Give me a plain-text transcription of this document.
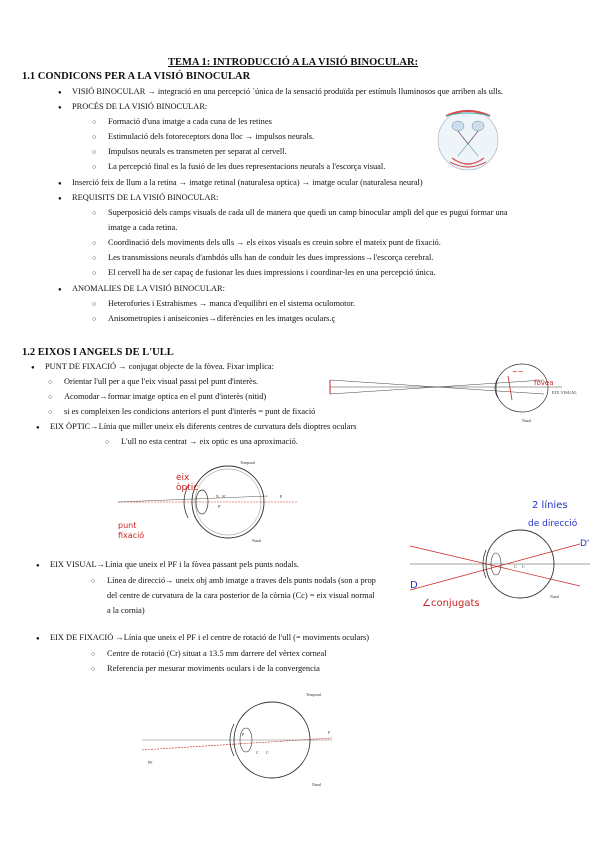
TEMA 1: INTRODUCCIÓ A LA VISIÓ BINOCULAR:
1.1 CONDICONS PER A LA VISIÓ BINOCULAR
● VISIÓ BINOCULAR → integració en una percepció ´única de la sensació produïda per estímuls lluminosos que arriben als ulls.
● PROCÉS DE LA VISIÓ BINOCULAR:
○ Formació d'una imatge a cada cuna de les retines
○ Estimulació dels fotoreceptors dona lloc → impulsos neurals.
○ Impulsos neurals es transmeten per separat al cervell.
○ La percepció final es la fusió de les dues representacions neurals a l'escorça visual.
● Inserció feix de llum a la retina → imatge retinal (naturalesa optica) → imatge ocular (naturalesa neural)
● REQUISITS DE LA VISIÓ BINOCULAR:
○ Superposició dels camps visuals de cada ull de manera que quedi un camp binocular ampli del que es pugui formar una
imatge a cada retina.
○ Coordinació dels moviments dels ulls → els eixos visuals es creuin sobre el mateix punt de fixació.
○ Les transmissions neurals d'ambdós ulls han de conduir les dues impressions→l'escorça cerebral.
○ El cervell ha de ser capaç de fusionar les dues impressions i coordinar-les en una percepció única.
● ANOMALIES DE LA VISIÓ BINOCULAR:
○ Heterofories i Estrabismes → manca d'equilibri en el sistema oculomotor.
○ Anisometropies i aniseiconies→diferències en les imatges oculars.ç
1.2 EIXOS I ANGELS DE L'ULL
● PUNT DE FIXACIÓ → conjugat objecte de la fòvea. Fixar implica:
○ Orientar l'ull per a que l'eix visual passi pel punt d'interès.
○ Acomodar→formar imatge optica en el punt d'interès (nitid)
○ si es compleixen les condicions anteriors el punt d'interès = punt de fixació
● EIX ÒPTIC→Línia que miller uneix els diferents centres de curvatura dels dioptres oculars
○ L'ull no esta centrat → eix optic es una aproximació.
~~
fòvea
EIX VISUAL
Nasal
eix
òptic
Temporal
Nasal
N N'	P
P'
punt
fixació
● EIX VISUAL→Línia que uneix el PF i la fòvea passant pels punts nodals.
○ Línea de direcció→ uneix obj amb imatge a traves dels punts nodals (son a prop
del centre de curvatura de la cara posterior de la còrnia (Cc) = eix visual normal
a la cornia)
2 línies
de direcció
D'
C C
Nasal
∠conjugats
D
● EIX DE FIXACIÓ →Línia que uneix el PF i el centre de rotació de l'ull (= moviments oculars)
○ Centre de rotació (Cr) situat a 13.5 mm darrere del vèrtex corneal
○ Referencia per mesurar moviments oculars i de la convergencia
Temporal
Nasal
P	F
C C
PF
